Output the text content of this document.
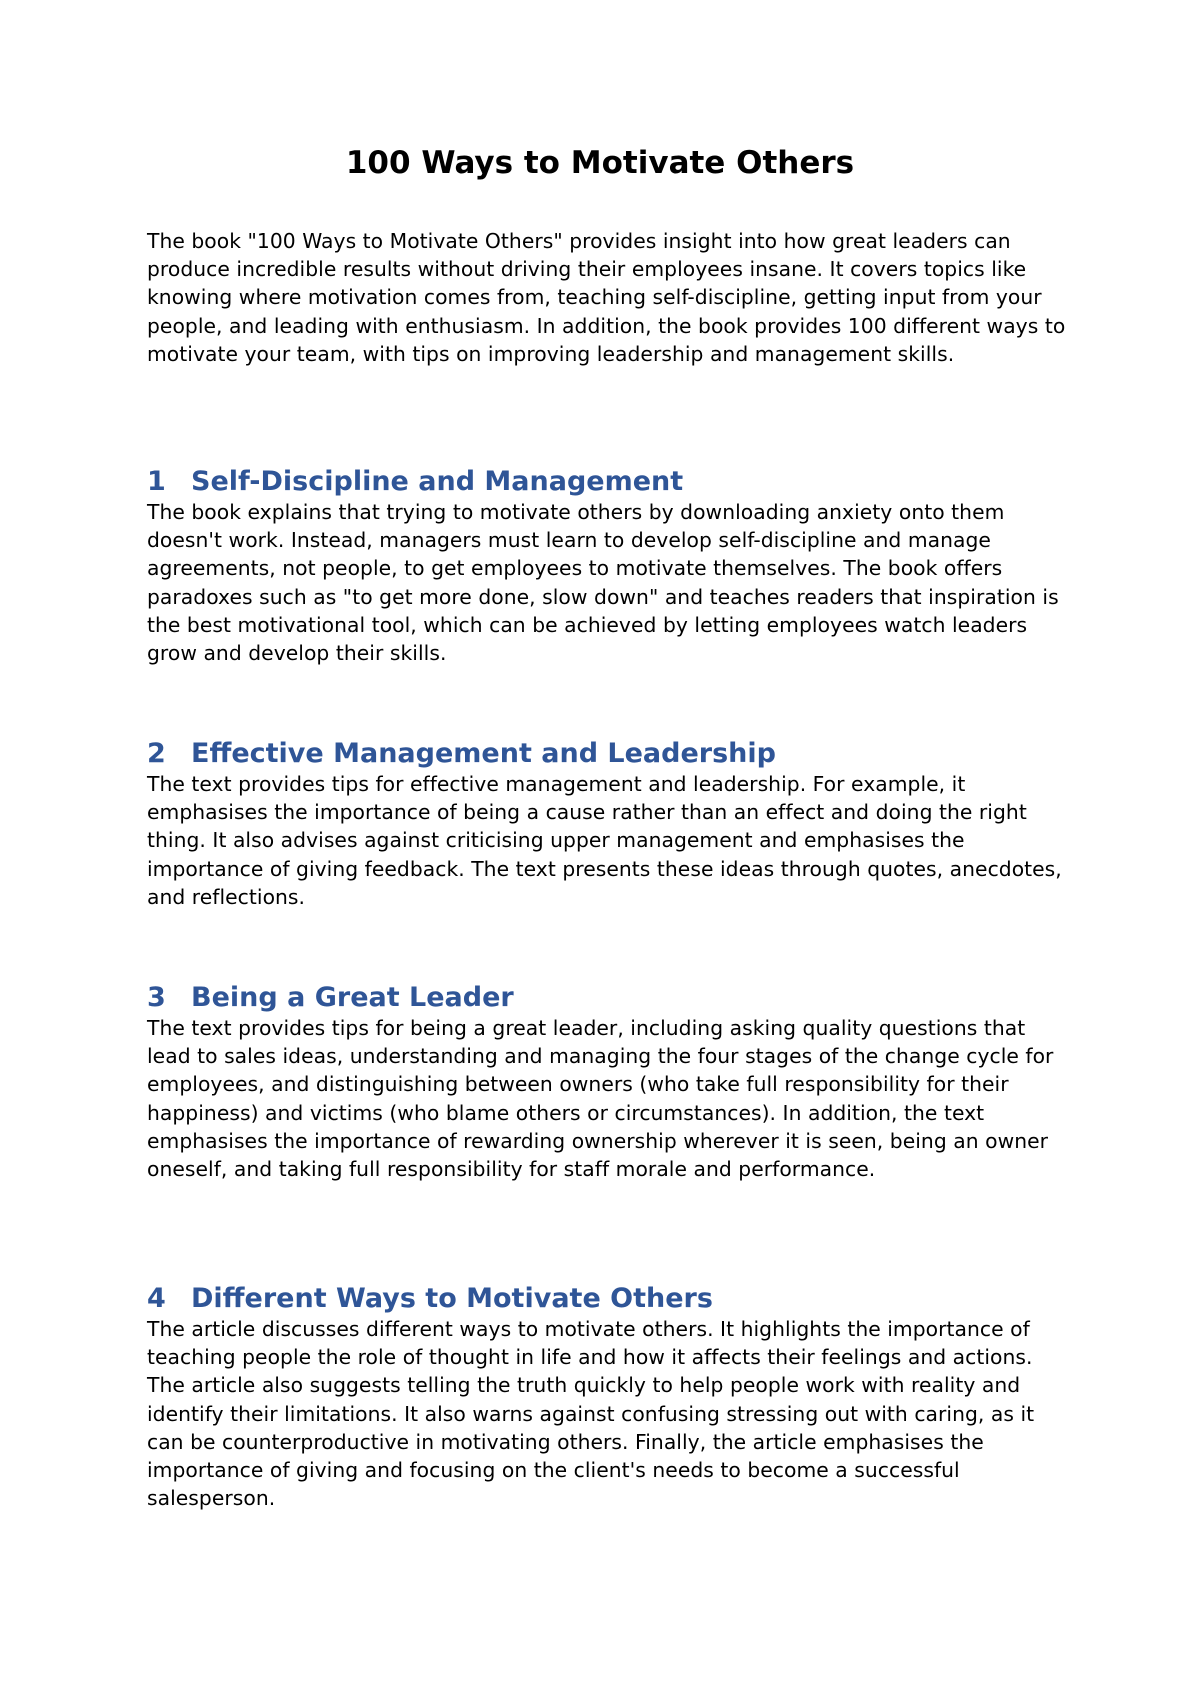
100 Ways to Motivate Others

The book "100 Ways to Motivate Others" provides insight into how great leaders can produce incredible results without driving their employees insane. It covers topics like knowing where motivation comes from, teaching self-discipline, getting input from your people, and leading with enthusiasm. In addition, the book provides 100 different ways to motivate your team, with tips on improving leadership and management skills.

1 Self-Discipline and Management

The book explains that trying to motivate others by downloading anxiety onto them doesn't work. Instead, managers must learn to develop self-discipline and manage agreements, not people, to get employees to motivate themselves. The book offers paradoxes such as "to get more done, slow down" and teaches readers that inspiration is the best motivational tool, which can be achieved by letting employees watch leaders grow and develop their skills.

2 Effective Management and Leadership

The text provides tips for effective management and leadership. For example, it emphasises the importance of being a cause rather than an effect and doing the right thing. It also advises against criticising upper management and emphasises the importance of giving feedback. The text presents these ideas through quotes, anecdotes, and reflections.

3 Being a Great Leader

The text provides tips for being a great leader, including asking quality questions that lead to sales ideas, understanding and managing the four stages of the change cycle for employees, and distinguishing between owners (who take full responsibility for their happiness) and victims (who blame others or circumstances). In addition, the text emphasises the importance of rewarding ownership wherever it is seen, being an owner oneself, and taking full responsibility for staff morale and performance.

4 Different Ways to Motivate Others

The article discusses different ways to motivate others. It highlights the importance of teaching people the role of thought in life and how it affects their feelings and actions. The article also suggests telling the truth quickly to help people work with reality and identify their limitations. It also warns against confusing stressing out with caring, as it can be counterproductive in motivating others. Finally, the article emphasises the importance of giving and focusing on the client's needs to become a successful salesperson.
